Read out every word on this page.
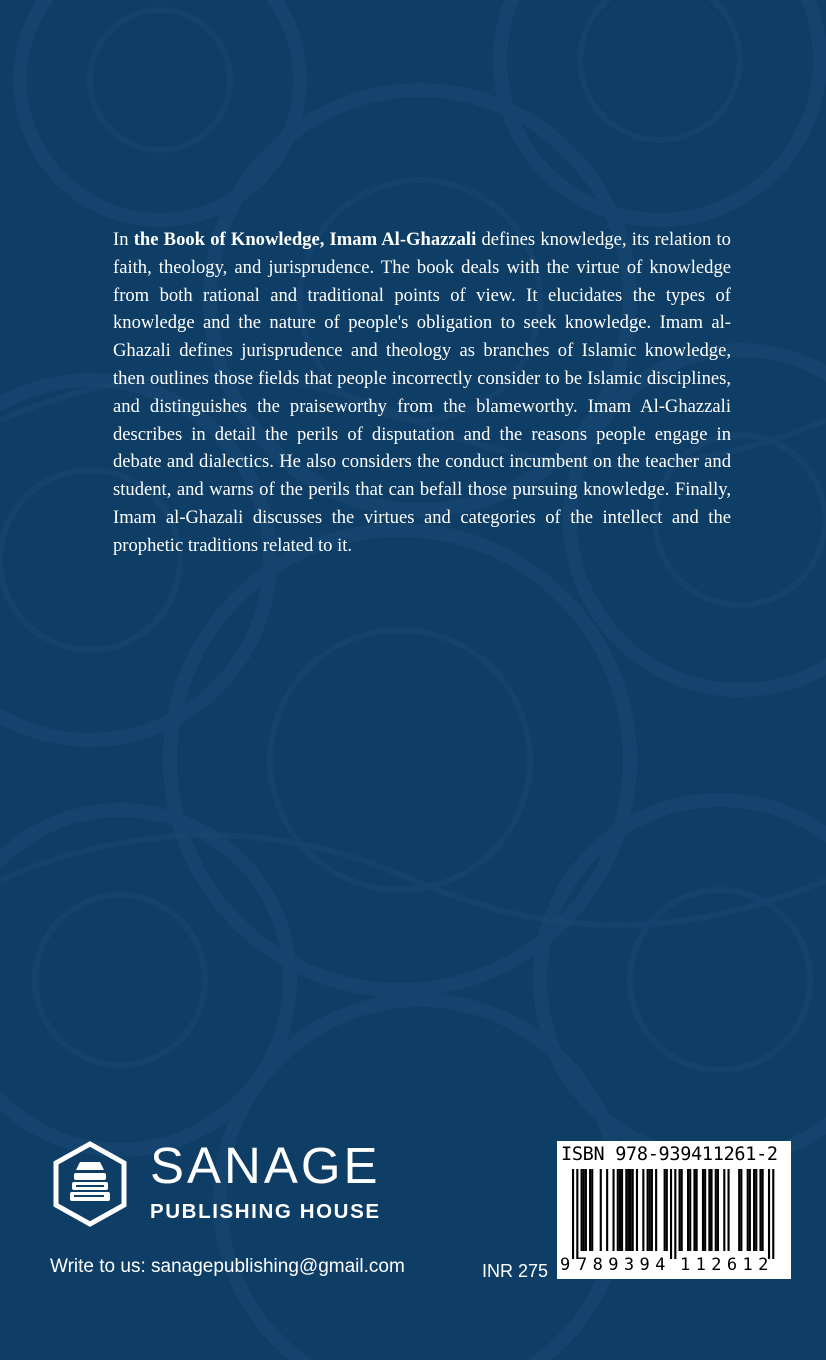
In the Book of Knowledge, Imam Al-Ghazzali defines knowledge, its relation to faith, theology, and jurisprudence. The book deals with the virtue of knowledge from both rational and traditional points of view. It elucidates the types of knowledge and the nature of people's obligation to seek knowledge. Imam al-Ghazali defines jurisprudence and theology as branches of Islamic knowledge, then outlines those fields that people incorrectly consider to be Islamic disciplines, and distinguishes the praiseworthy from the blameworthy. Imam Al-Ghazzali describes in detail the perils of disputation and the reasons people engage in debate and dialectics. He also considers the conduct incumbent on the teacher and student, and warns of the perils that can befall those pursuing knowledge. Finally, Imam al-Ghazali discusses the virtues and categories of the intellect and the prophetic traditions related to it.
SANAGE
PUBLISHING HOUSE
Write to us: sanagepublishing@gmail.com	INR 275
ISBN 978-939411261-2
9 789394 112612
